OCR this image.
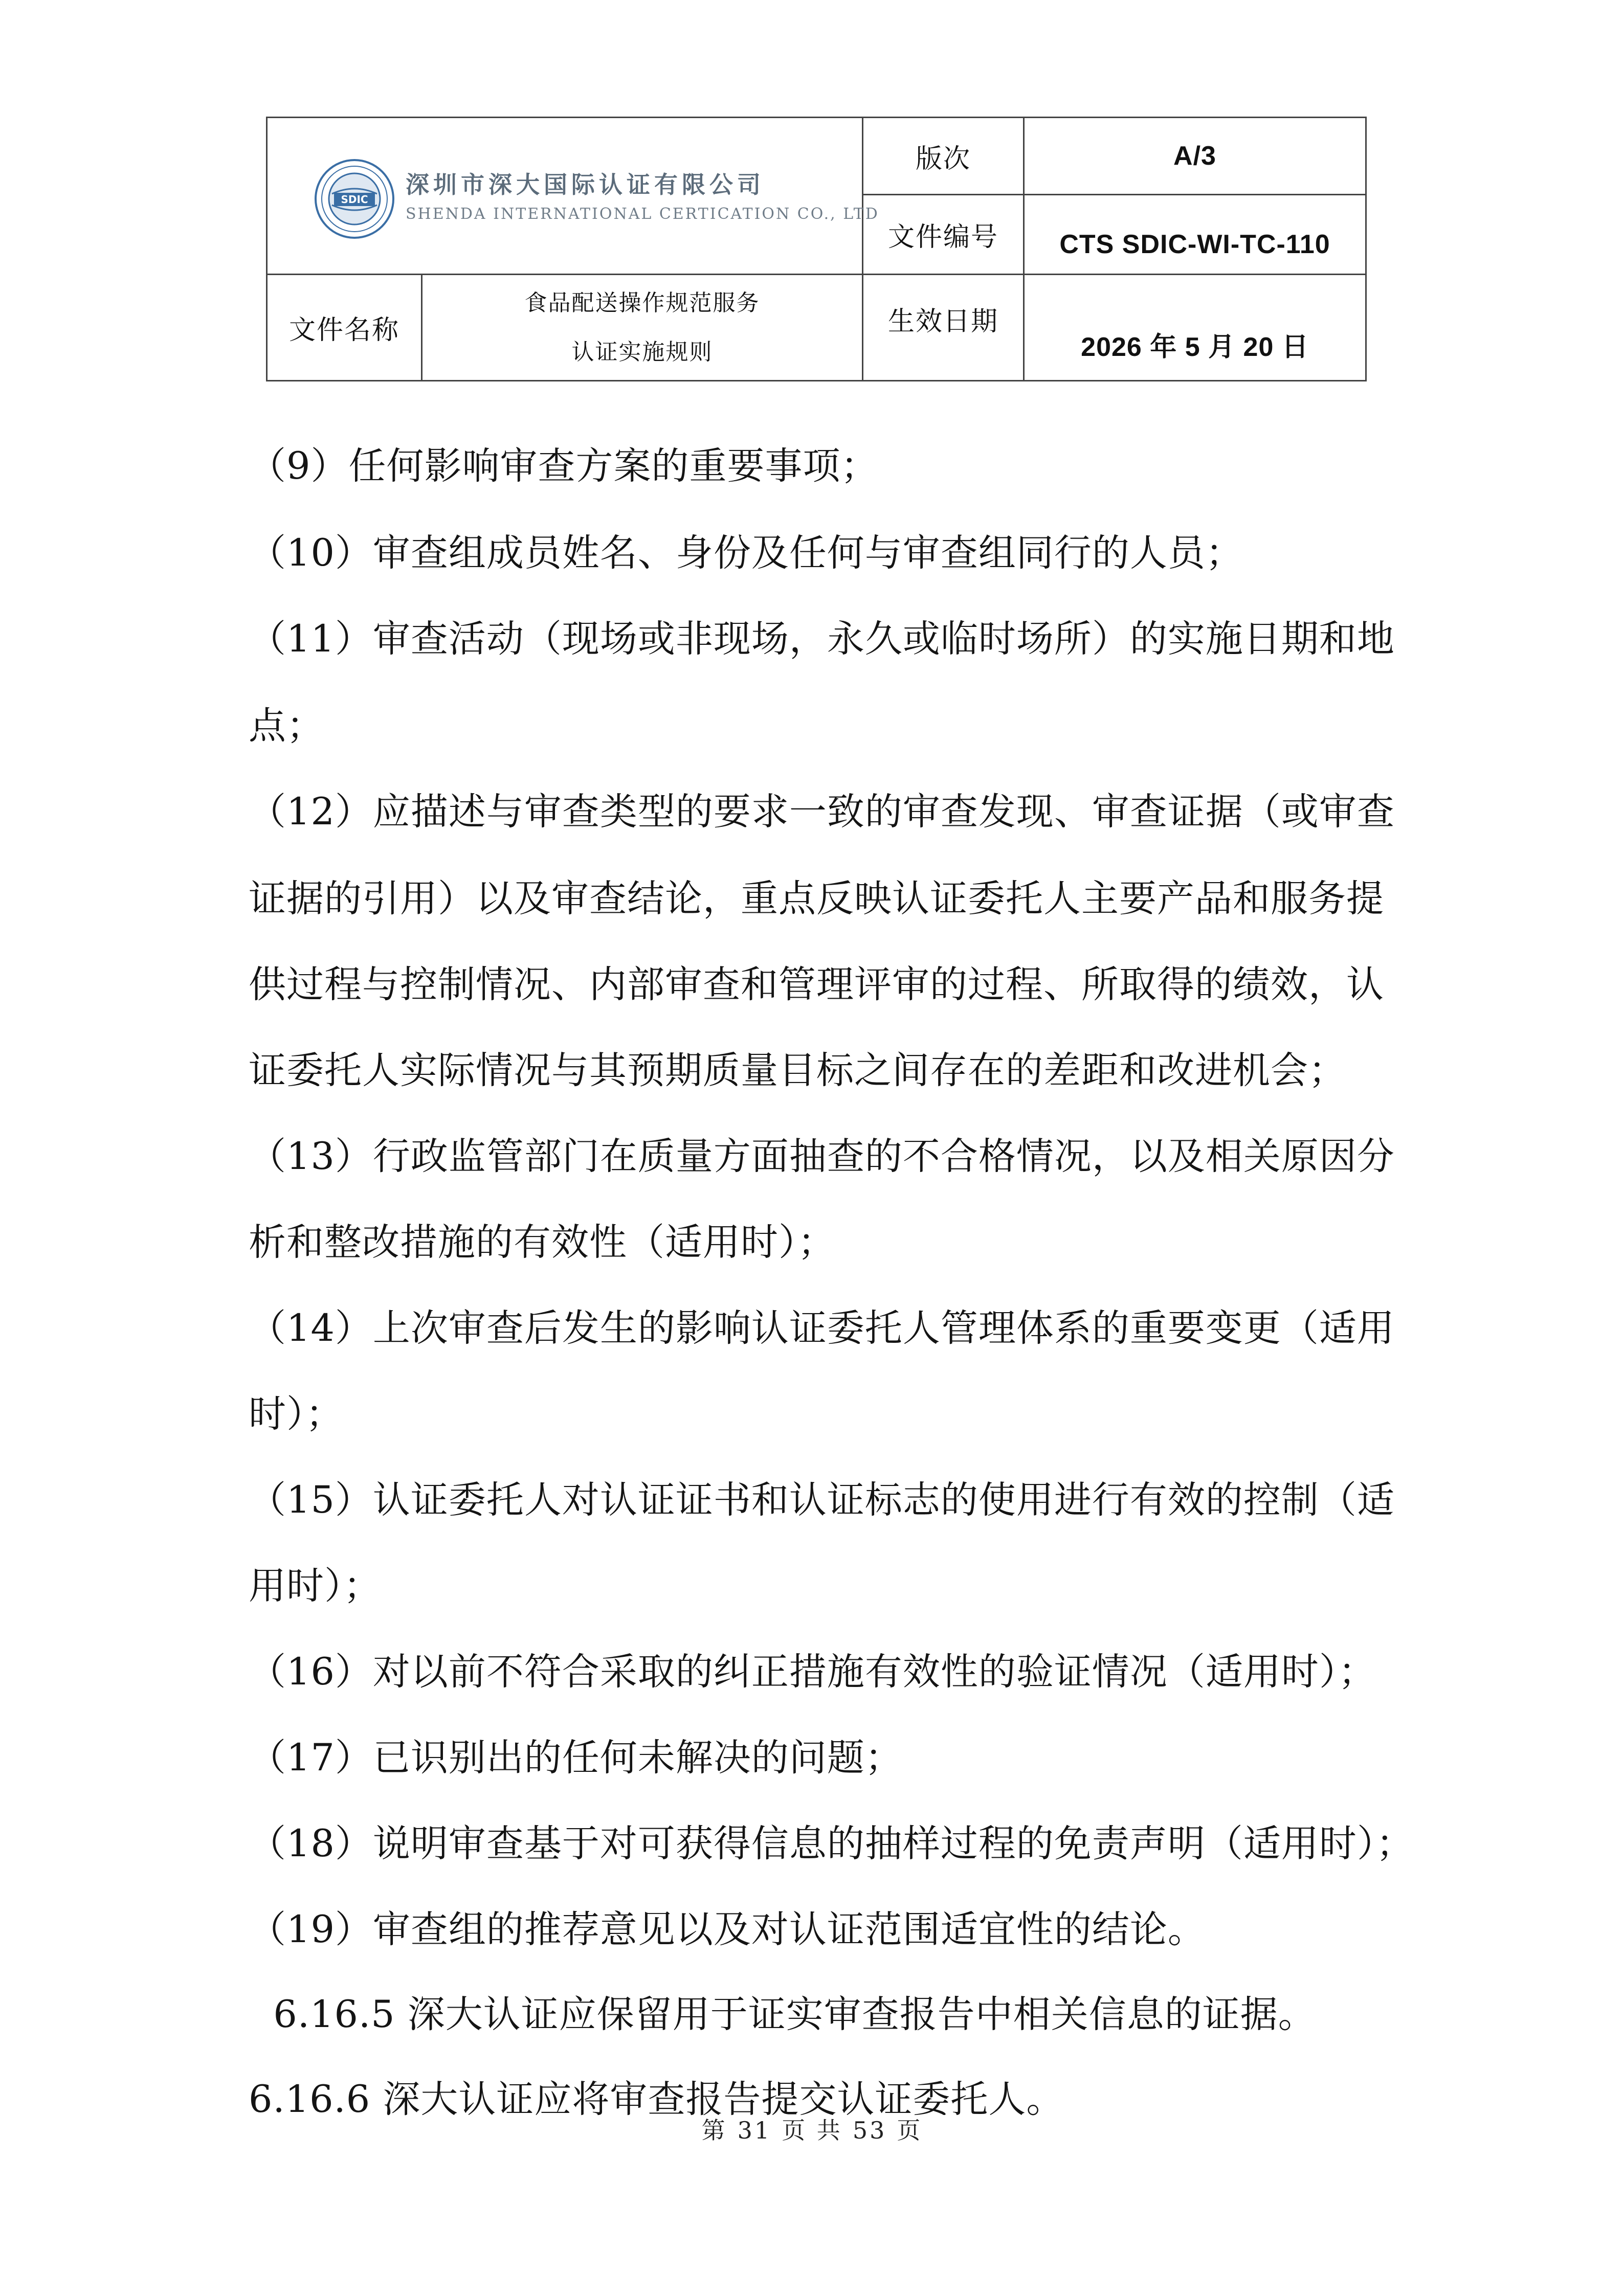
SDIC
深圳市深大国际认证有限公司
SHENDA INTERNATIONAL CERTICATION CO., LTD
版次	A/3
文件编号	CTS SDIC-WI-TC-110
文件名称
食品配送操作规范服务
认证实施规则
生效日期
2026 年 5 月 20 日
（9）任何影响审查方案的重要事项；
（10）审查组成员姓名、身份及任何与审查组同行的人员；
（11）审查活动（现场或非现场，永久或临时场所）的实施日期和地
点；
（12）应描述与审查类型的要求一致的审查发现、审查证据（或审查
证据的引用）以及审查结论，重点反映认证委托人主要产品和服务提
供过程与控制情况、内部审查和管理评审的过程、所取得的绩效，认
证委托人实际情况与其预期质量目标之间存在的差距和改进机会；
（13）行政监管部门在质量方面抽查的不合格情况，以及相关原因分
析和整改措施的有效性（适用时）；
（14）上次审查后发生的影响认证委托人管理体系的重要变更（适用
时）；
（15）认证委托人对认证证书和认证标志的使用进行有效的控制（适
用时）；
（16）对以前不符合采取的纠正措施有效性的验证情况（适用时）；
（17）已识别出的任何未解决的问题；
（18）说明审查基于对可获得信息的抽样过程的免责声明（适用时）；
（19）审查组的推荐意见以及对认证范围适宜性的结论。
6.16.5 深大认证应保留用于证实审查报告中相关信息的证据。
6.16.6 深大认证应将审查报告提交认证委托人。
第 31 页 共 53 页
